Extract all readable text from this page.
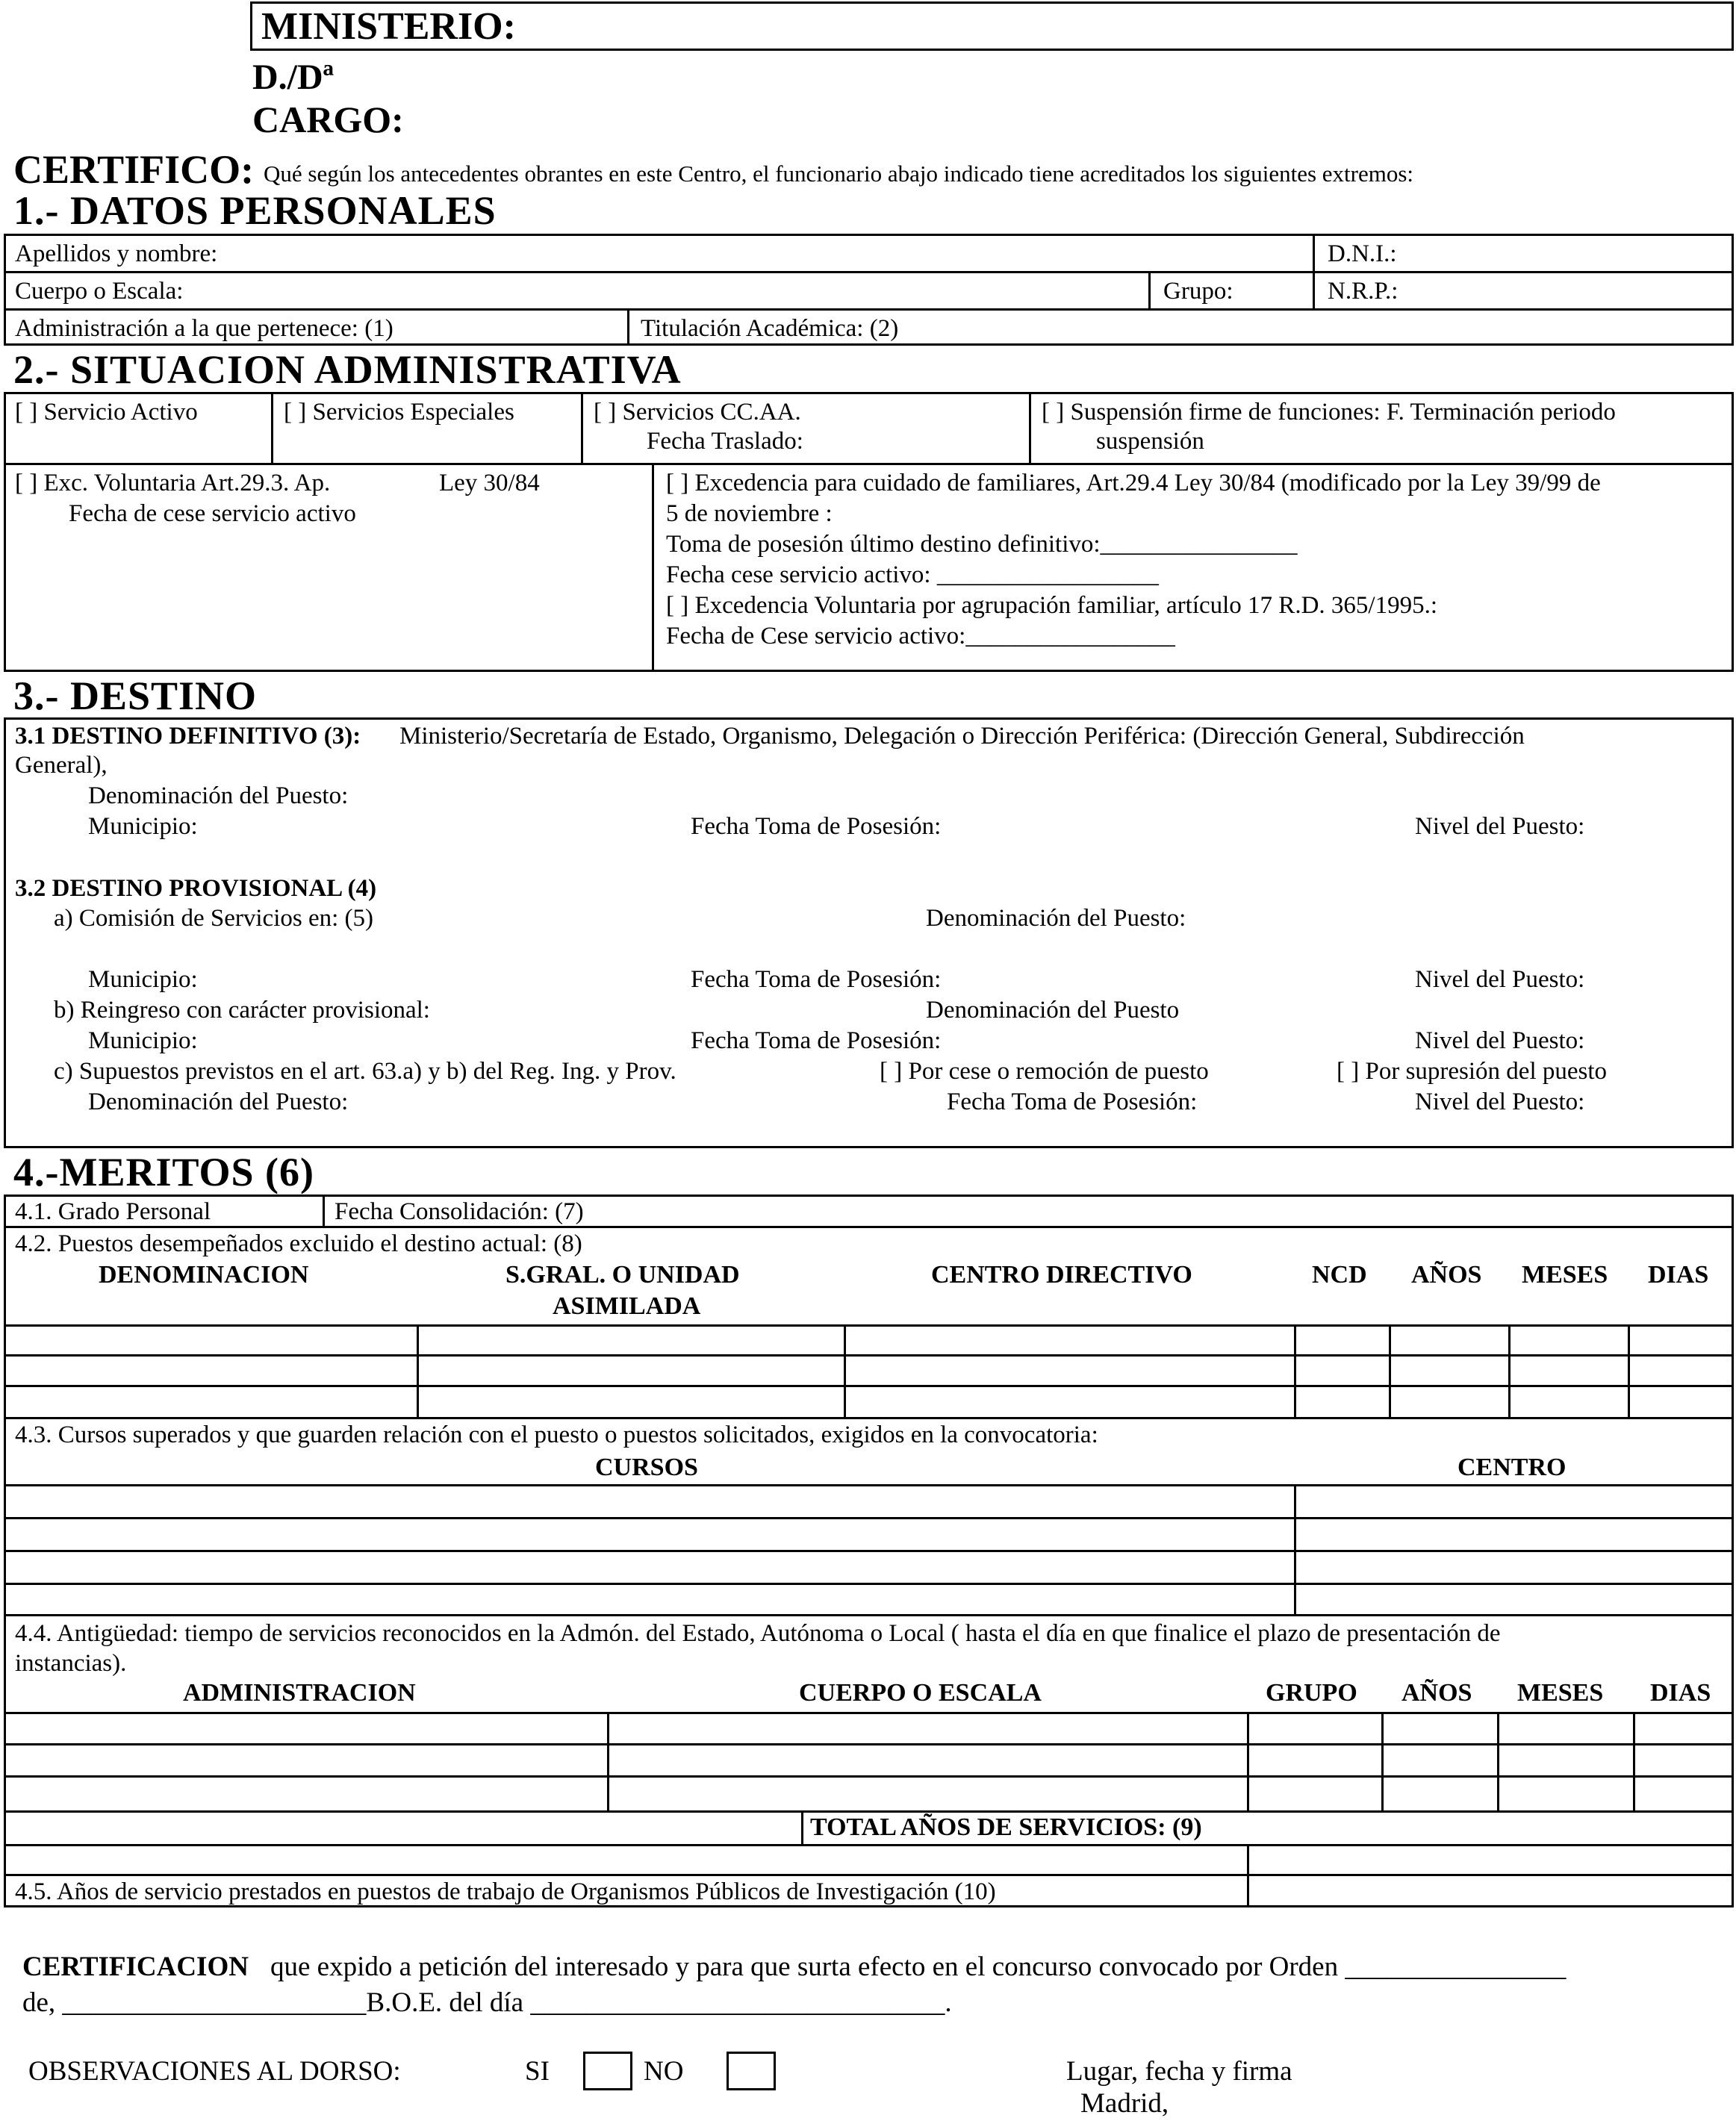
MINISTERIO:
D./Dª
CARGO:
CERTIFICO: Qué según los antecedentes obrantes en este Centro, el funcionario abajo indicado tiene acreditados los siguientes extremos:
1.- DATOS PERSONALES
Apellidos y nombre:	D.N.I.:
Cuerpo o Escala:	Grupo:	N.R.P.:
Administración a la que pertenece: (1)	Titulación Académica: (2)
2.- SITUACION ADMINISTRATIVA
[ ] Servicio Activo	[ ] Servicios Especiales	[ ] Servicios CC.AA.
Fecha Traslado:
[ ] Suspensión firme de funciones: F. Terminación periodo
suspensión
[ ] Exc. Voluntaria Art.29.3. Ap.	Ley 30/84
Fecha de cese servicio activo
[ ] Excedencia para cuidado de familiares, Art.29.4 Ley 30/84 (modificado por la Ley 39/99 de
5 de noviembre :
Toma de posesión último destino definitivo:________________
Fecha cese servicio activo: __________________
[ ] Excedencia Voluntaria por agrupación familiar, artículo 17 R.D. 365/1995.:
Fecha de Cese servicio activo:_________________
3.- DESTINO
3.1 DESTINO DEFINITIVO (3): Ministerio/Secretaría de Estado, Organismo, Delegación o Dirección Periférica: (Dirección General, Subdirección
General),
Denominación del Puesto:
Municipio:	Fecha Toma de Posesión:	Nivel del Puesto:
3.2 DESTINO PROVISIONAL (4)
a) Comisión de Servicios en: (5)	Denominación del Puesto:
Municipio:	Fecha Toma de Posesión:	Nivel del Puesto:
b) Reingreso con carácter provisional:	Denominación del Puesto
Municipio:	Fecha Toma de Posesión:	Nivel del Puesto:
c) Supuestos previstos en el art. 63.a) y b) del Reg. Ing. y Prov.	[ ] Por cese o remoción de puesto	[ ] Por supresión del puesto
Denominación del Puesto:	Fecha Toma de Posesión:	Nivel del Puesto:
4.-MERITOS (6)
4.1. Grado Personal	Fecha Consolidación: (7)
4.2. Puestos desempeñados excluido el destino actual: (8)
DENOMINACION	S.GRAL. O UNIDAD
ASIMILADA
CENTRO DIRECTIVO	NCD AÑOS MESES DIAS
4.3. Cursos superados y que guarden relación con el puesto o puestos solicitados, exigidos en la convocatoria:
CURSOS	CENTRO
4.4. Antigüedad: tiempo de servicios reconocidos en la Admón. del Estado, Autónoma o Local ( hasta el día en que finalice el plazo de presentación de
instancias).
ADMINISTRACION	CUERPO O ESCALA	GRUPO AÑOS MESES DIAS
TOTAL AÑOS DE SERVICIOS: (9)
4.5. Años de servicio prestados en puestos de trabajo de Organismos Públicos de Investigación (10)
CERTIFICACION que expido a petición del interesado y para que surta efecto en el concurso convocado por Orden ________________
de, ______________________B.O.E. del día ______________________________.
OBSERVACIONES AL DORSO:	SI	NO	Lugar, fecha y firma
Madrid,
